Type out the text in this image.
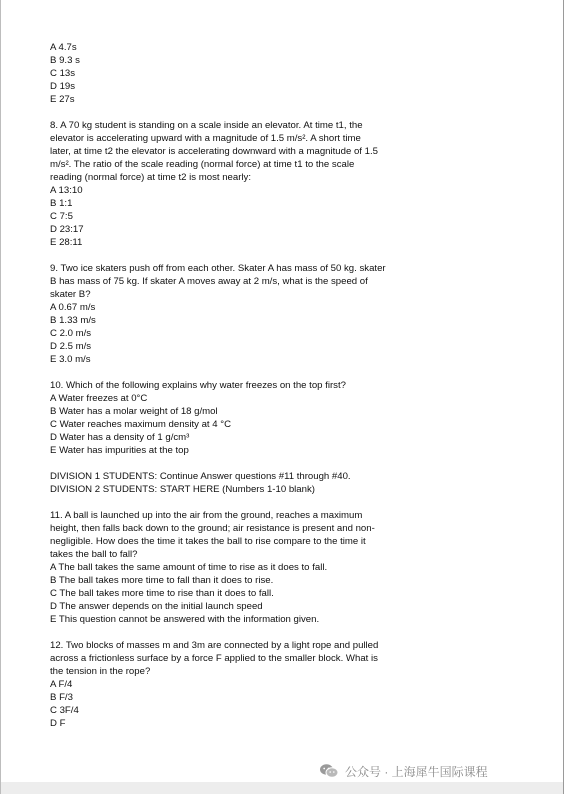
A 4.7s
B 9.3 s
C 13s
D 19s
E 27s
8. A 70 kg student is standing on a scale inside an elevator. At time t1, the
elevator is accelerating upward with a magnitude of 1.5 m/s². A short time
later, at time t2 the elevator is accelerating downward with a magnitude of 1.5
m/s². The ratio of the scale reading (normal force) at time t1 to the scale
reading (normal force) at time t2 is most nearly:
A 13:10
B 1:1
C 7:5
D 23:17
E 28:11
9. Two ice skaters push off from each other. Skater A has mass of 50 kg. skater
B has mass of 75 kg. If skater A moves away at 2 m/s, what is the speed of
skater B?
A 0.67 m/s
B 1.33 m/s
C 2.0 m/s
D 2.5 m/s
E 3.0 m/s
10. Which of the following explains why water freezes on the top first?
A Water freezes at 0°C
B Water has a molar weight of 18 g/mol
C Water reaches maximum density at 4 °C
D Water has a density of 1 g/cm³
E Water has impurities at the top
DIVISION 1 STUDENTS: Continue Answer questions #11 through #40.
DIVISION 2 STUDENTS: START HERE (Numbers 1-10 blank)
11. A ball is launched up into the air from the ground, reaches a maximum
height, then falls back down to the ground; air resistance is present and non-
negligible. How does the time it takes the ball to rise compare to the time it
takes the ball to fall?
A The ball takes the same amount of time to rise as it does to fall.
B The ball takes more time to fall than it does to rise.
C The ball takes more time to rise than it does to fall.
D The answer depends on the initial launch speed
E This question cannot be answered with the information given.
12. Two blocks of masses m and 3m are connected by a light rope and pulled
across a frictionless surface by a force F applied to the smaller block. What is
the tension in the rope?
A F/4
B F/3
C 3F/4
D F
公众号 · 上海犀牛国际课程
